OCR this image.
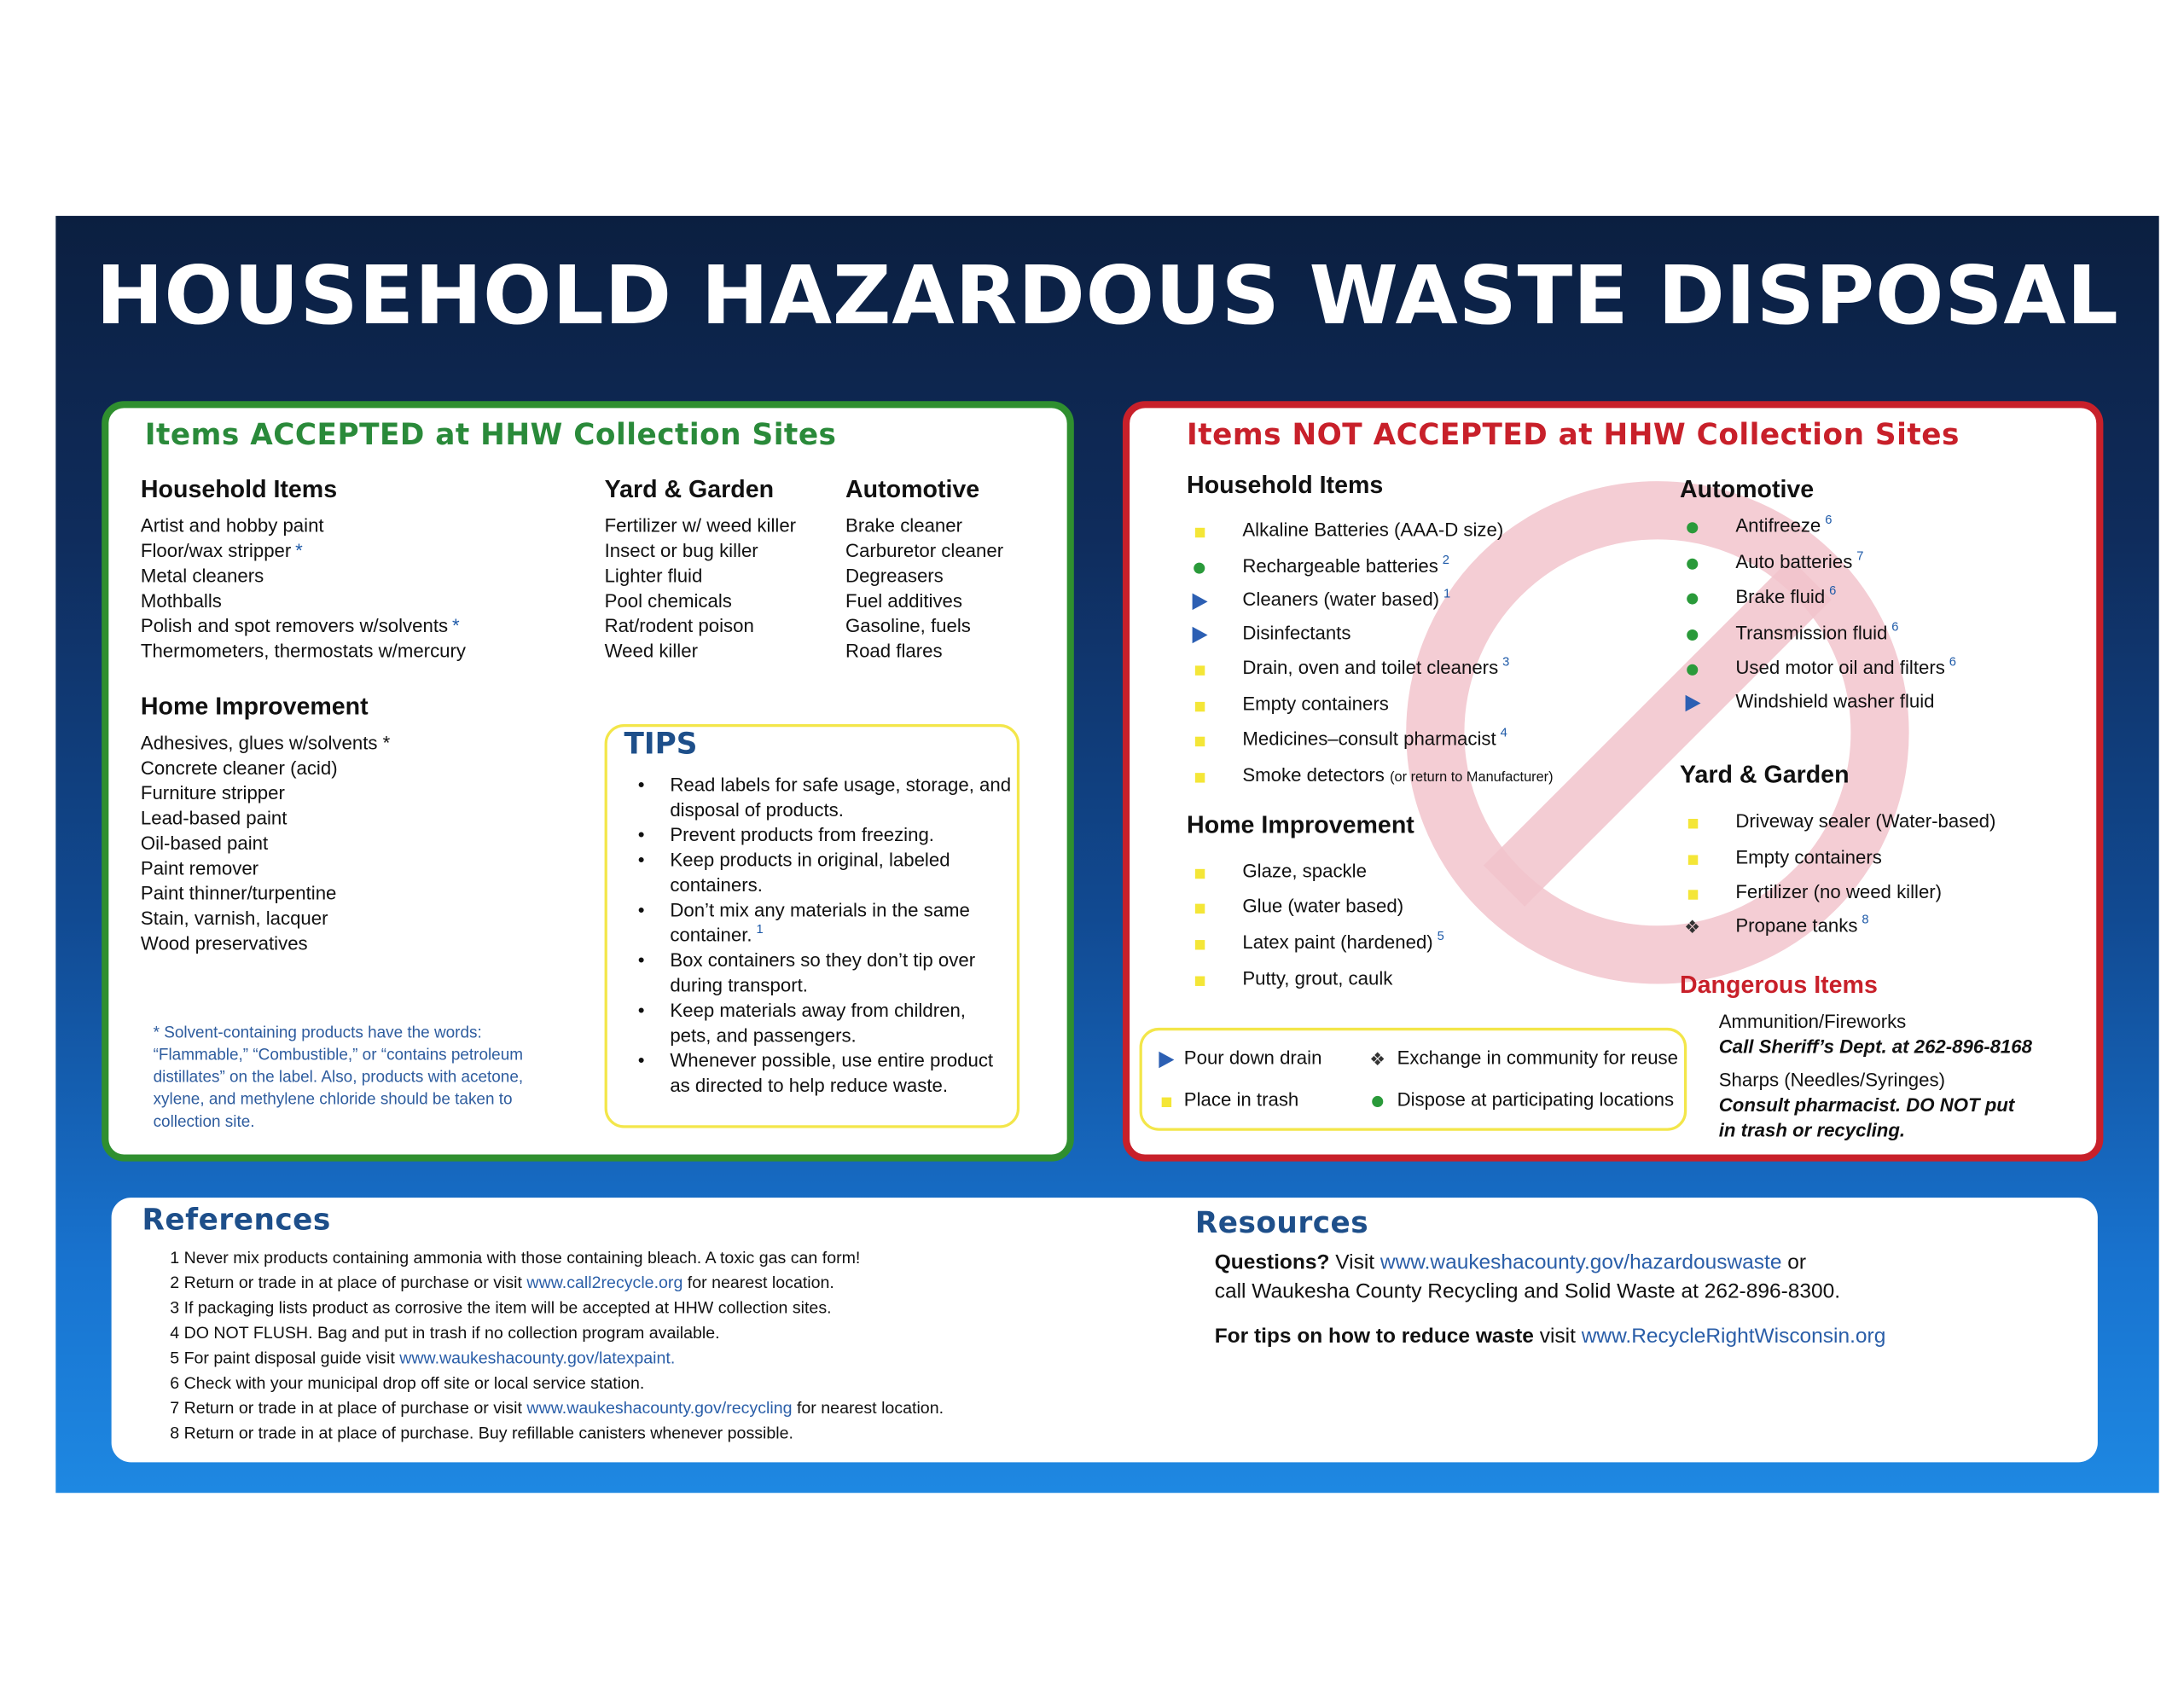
HOUSEHOLD HAZARDOUS WASTE DISPOSAL
Items ACCEPTED at HHW Collection Sites
Household Items
Artist and hobby paint
Floor/wax stripper *
Metal cleaners
Mothballs
Polish and spot removers w/solvents *
Thermometers, thermostats w/mercury
Home Improvement
Adhesives, glues w/solvents *
Concrete cleaner (acid)
Furniture stripper
Lead-based paint
Oil-based paint
Paint remover
Paint thinner/turpentine
Stain, varnish, lacquer
Wood preservatives
Yard & Garden
Fertilizer w/ weed killer
Insect or bug killer
Lighter fluid
Pool chemicals
Rat/rodent poison
Weed killer
Automotive
Brake cleaner
Carburetor cleaner
Degreasers
Fuel additives
Gasoline, fuels
Road flares
TIPS

• Read labels for safe usage, storage, and disposal of products.

• Prevent products from freezing.

• Keep products in original, labeled containers.

• Don’t mix any materials in the same container. $^1$

• Box containers so they don’t tip over during transport.

• Keep materials away from children, pets, and passengers.

• Whenever possible, use entire product as directed to help reduce waste.

* Solvent-containing products have the words: “Flammable,” “Combustible,” or “contains petroleum distillates” on the label. Also, products with acetone, xylene, and methylene chloride should be taken to collection site.
Items NOT ACCEPTED at HHW Collection Sites
Household Items
Alkaline Batteries (AAA-D size)
Rechargeable batteries $^2$
Cleaners (water based) $^1$
Disinfectants
Drain, oven and toilet cleaners $^3$
Empty containers
Medicines–consult pharmacist $^4$
Smoke detectors (or return to Manufacturer)
Home Improvement
Glaze, spackle
Glue (water based)
Latex paint (hardened) $^5$
Putty, grout, caulk
Automotive
Antifreeze $^6$
Auto batteries $^7$
Brake fluid $^6$
Transmission fluid $^6$
Used motor oil and filters $^6$
Windshield washer fluid
Yard & Garden
Driveway sealer (Water-based)
Empty containers
Fertilizer (no weed killer)
❖	Propane tanks $^8$
Pour down drain
Place in trash
❖ Exchange in community for reuse
Dispose at participating locations
Dangerous Items
Ammunition/Fireworks
Call Sheriff’s Dept. at 262-896-8168
Sharps (Needles/Syringes)
Consult pharmacist. DO NOT put
in trash or recycling.
References
1 Never mix products containing ammonia with those containing bleach. A toxic gas can form!
2 Return or trade in at place of purchase or visit www.call2recycle.org for nearest location.
3 If packaging lists product as corrosive the item will be accepted at HHW collection sites.
4 DO NOT FLUSH. Bag and put in trash if no collection program available.
5 For paint disposal guide visit www.waukeshacounty.gov/latexpaint.
6 Check with your municipal drop off site or local service station.
7 Return or trade in at place of purchase or visit www.waukeshacounty.gov/recycling for nearest location.
8 Return or trade in at place of purchase. Buy refillable canisters whenever possible.
Resources
Questions? Visit www.waukeshacounty.gov/hazardouswaste or
call Waukesha County Recycling and Solid Waste at 262-896-8300.
For tips on how to reduce waste visit www.RecycleRightWisconsin.org
